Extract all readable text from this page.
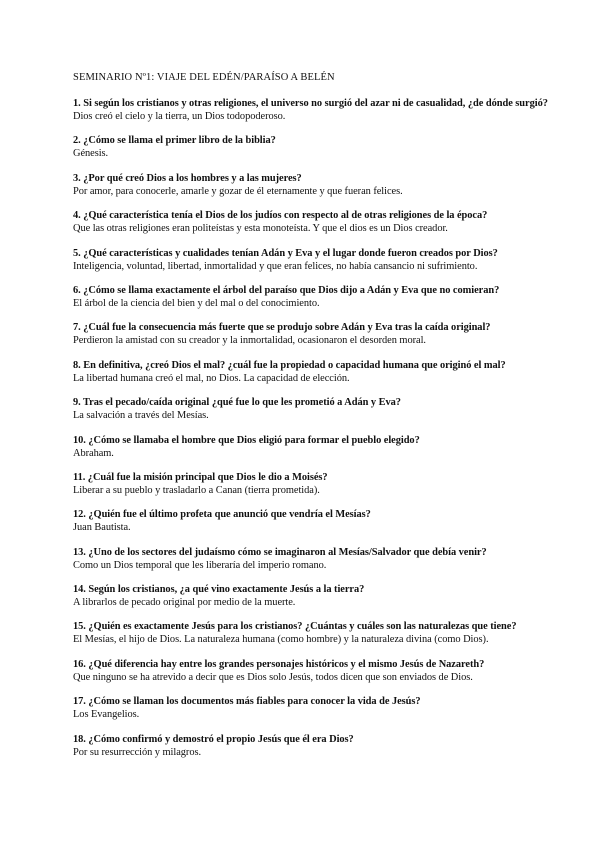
SEMINARIO Nº1: VIAJE DEL EDÉN/PARAÍSO A BELÉN
1. Si según los cristianos y otras religiones, el universo no surgió del azar ni de casualidad, ¿de dónde surgió?
Dios creó el cielo y la tierra, un Dios todopoderoso.
2. ¿Cómo se llama el primer libro de la biblia?
Génesis.
3. ¿Por qué creó Dios a los hombres y a las mujeres?
Por amor, para conocerle, amarle y gozar de él eternamente y que fueran felices.
4. ¿Qué característica tenía el Dios de los judíos con respecto al de otras religiones de la época?
Que las otras religiones eran politeístas y esta monoteísta. Y que el dios es un Dios creador.
5. ¿Qué características y cualidades tenían Adán y Eva y el lugar donde fueron creados por Dios?
Inteligencia, voluntad, libertad, inmortalidad y que eran felices, no había cansancio ni sufrimiento.
6. ¿Cómo se llama exactamente el árbol del paraíso que Dios dijo a Adán y Eva que no comieran?
El árbol de la ciencia del bien y del mal o del conocimiento.
7. ¿Cuál fue la consecuencia más fuerte que se produjo sobre Adán y Eva tras la caída original?
Perdieron la amistad con su creador y la inmortalidad, ocasionaron el desorden moral.
8. En definitiva, ¿creó Dios el mal? ¿cuál fue la propiedad o capacidad humana que originó el mal?
La libertad humana creó el mal, no Dios. La capacidad de elección.
9. Tras el pecado/caída original ¿qué fue lo que les prometió a Adán y Eva?
La salvación a través del Mesías.
10. ¿Cómo se llamaba el hombre que Dios eligió para formar el pueblo elegido?
Abraham.
11. ¿Cuál fue la misión principal que Dios le dio a Moisés?
Liberar a su pueblo y trasladarlo a Canan (tierra prometida).
12. ¿Quién fue el último profeta que anunció que vendría el Mesías?
Juan Bautista.
13. ¿Uno de los sectores del judaísmo cómo se imaginaron al Mesías/Salvador que debía venir?
Como un Dios temporal que les liberaría del imperio romano.
14. Según los cristianos, ¿a qué vino exactamente Jesús a la tierra?
A librarlos de pecado original por medio de la muerte.
15. ¿Quién es exactamente Jesús para los cristianos? ¿Cuántas y cuáles son las naturalezas que tiene?
El Mesías, el hijo de Dios. La naturaleza humana (como hombre) y la naturaleza divina (como Dios).
16. ¿Qué diferencia hay entre los grandes personajes históricos y el mismo Jesús de Nazareth?
Que ninguno se ha atrevido a decir que es Dios solo Jesús, todos dicen que son enviados de Dios.
17. ¿Cómo se llaman los documentos más fiables para conocer la vida de Jesús?
Los Evangelios.
18. ¿Cómo confirmó y demostró el propio Jesús que él era Dios?
Por su resurrección y milagros.
